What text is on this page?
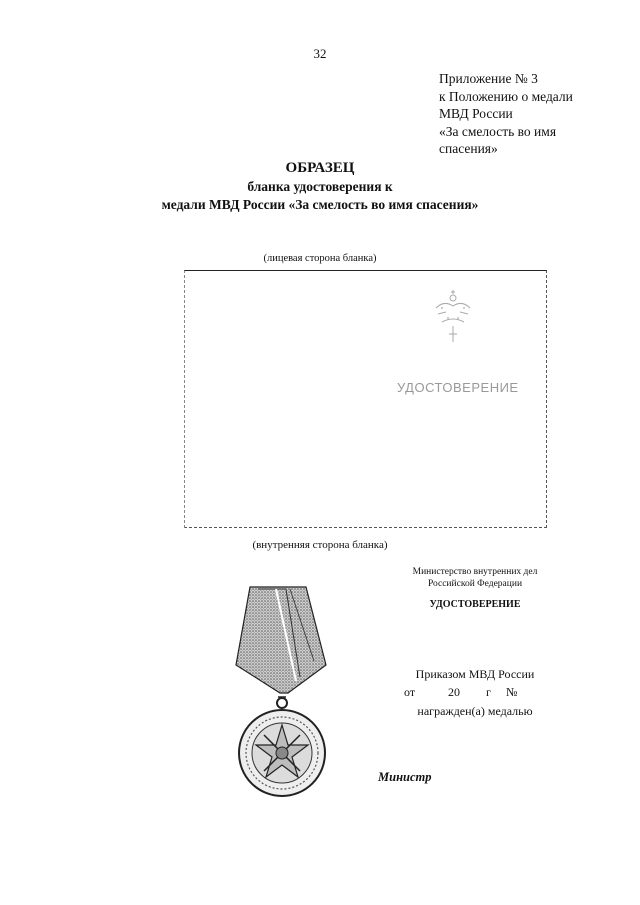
32
Приложение № 3
к Положению о медали
МВД России
«За смелость во имя
спасения»
ОБРАЗЕЦ
бланка удостоверения к
медали МВД России «За смелость во имя спасения»
(лицевая сторона бланка)
УДОСТОВЕРЕНИЕ
(внутренняя сторона бланка)
Министерство внутренних дел
Российской Федерации
УДОСТОВЕРЕНИЕ
Приказом МВД России
от	20 г №
награжден(а) медалью
Министр
